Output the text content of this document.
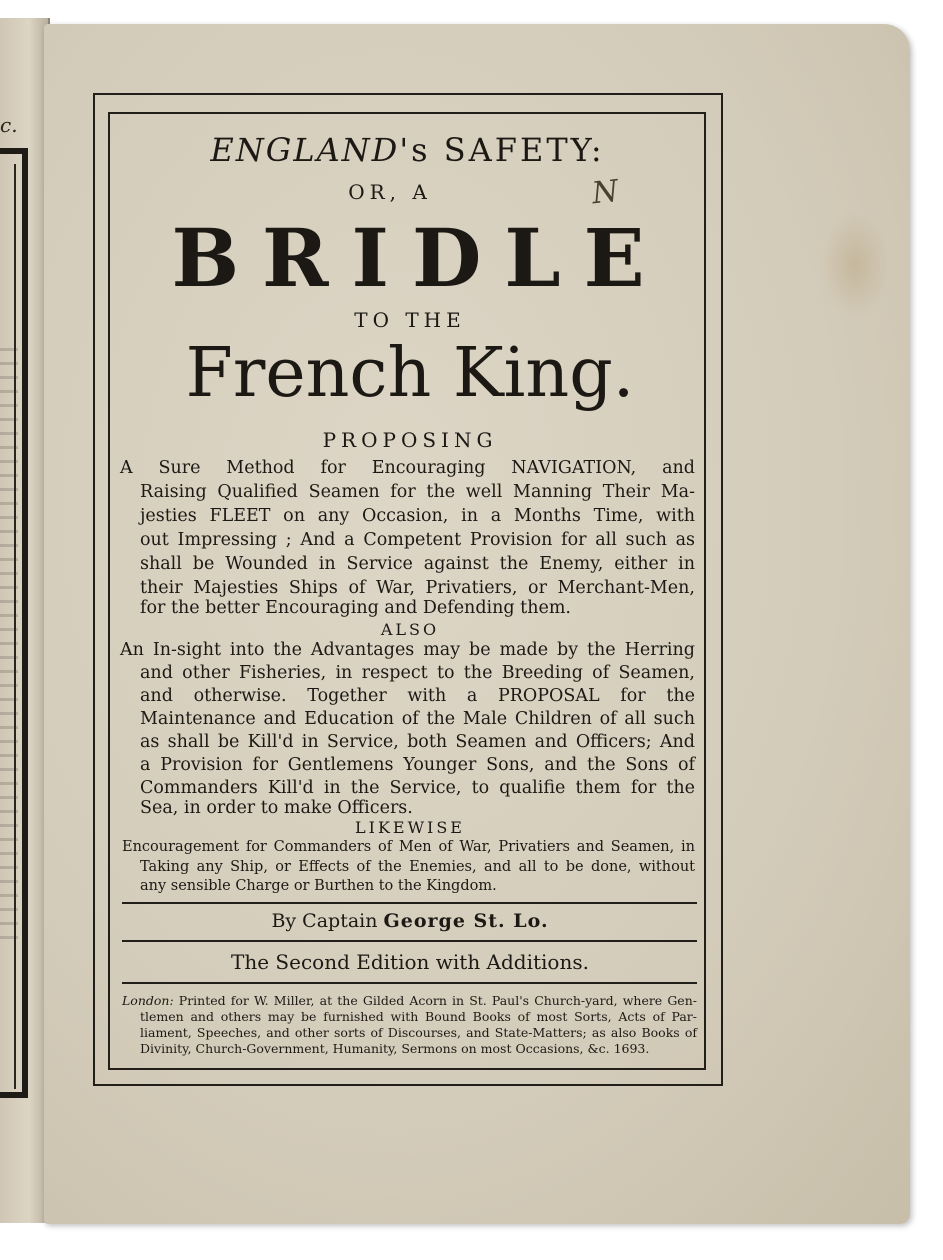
c.
N
ENGLAND's SAFETY:
OR, A
BRIDLE
TO THE
French King.
PROPOSING
A Sure Method for Encouraging NAVIGATION, and
Raising Qualified Seamen for the well Manning Their Ma-
jesties FLEET on any Occasion, in a Months Time, with
out Impressing ; And a Competent Provision for all such as
shall be Wounded in Service against the Enemy, either in
their Majesties Ships of War, Privatiers, or Merchant-Men,
for the better Encouraging and Defending them.
ALSO
An In-sight into the Advantages may be made by the Herring
and other Fisheries, in respect to the Breeding of Seamen,
and otherwise. Together with a PROPOSAL for the
Maintenance and Education of the Male Children of all such
as shall be Kill'd in Service, both Seamen and Officers; And
a Provision for Gentlemens Younger Sons, and the Sons of
Commanders Kill'd in the Service, to qualifie them for the
Sea, in order to make Officers.
LIKEWISE
Encouragement for Commanders of Men of War, Privatiers and Seamen, in
Taking any Ship, or Effects of the Enemies, and all to be done, without
any sensible Charge or Burthen to the Kingdom.
By Captain George St. Lo.
The Second Edition with Additions.
London: Printed for W. Miller, at the Gilded Acorn in St. Paul's Church-yard, where Gen-
tlemen and others may be furnished with Bound Books of most Sorts, Acts of Par-
liament, Speeches, and other sorts of Discourses, and State-Matters; as also Books of
Divinity, Church-Government, Humanity, Sermons on most Occasions, &c. 1693.
